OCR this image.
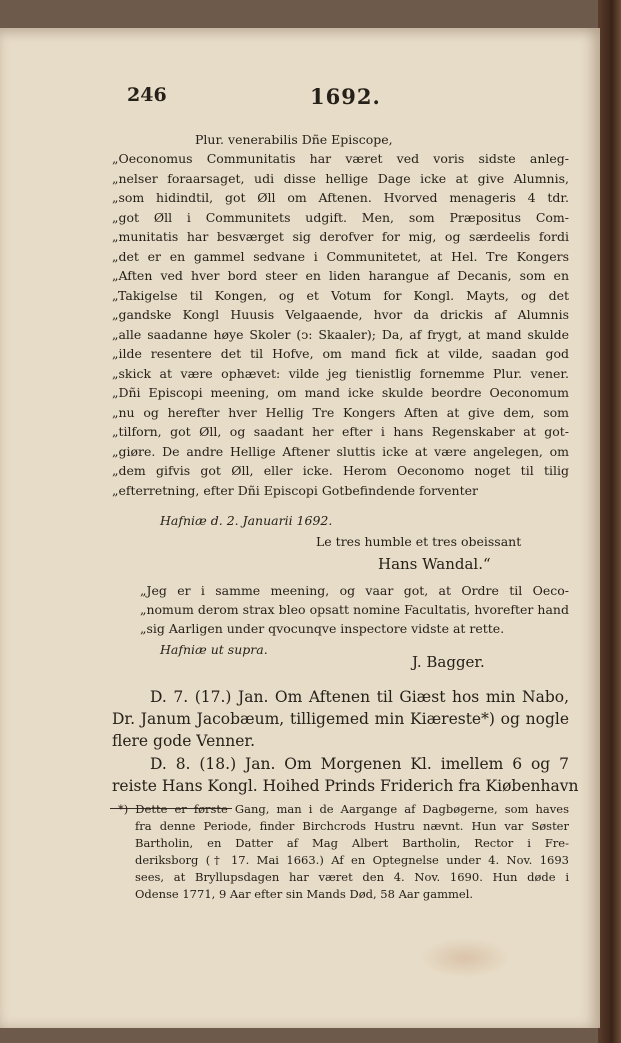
246	1692.
Plur. venerabilis Dñe Episcope,
„Oeconomus Communitatis har været ved voris sidste anleg-
„nelser foraarsaget, udi disse hellige Dage icke at give Alumnis,
„som hidindtil, got Øll om Aftenen. Hvorved menageris 4 tdr.
„got Øll i Communitets udgift. Men, som Præpositus Com-
„munitatis har besværget sig derofver for mig, og særdeelis fordi
„det er en gammel sedvane i Communitetet, at Hel. Tre Kongers
„Aften ved hver bord steer en liden harangue af Decanis, som en
„Takigelse til Kongen, og et Votum for Kongl. Mayts, og det
„gandske Kongl Huusis Velgaaende, hvor da drickis af Alumnis
„alle saadanne høye Skoler (ↄ: Skaaler); Da, af frygt, at mand skulde
„ilde resentere det til Hofve, om mand fick at vilde, saadan god
„skick at være ophævet: vilde jeg tienistlig fornemme Plur. vener.
„Dñi Episcopi meening, om mand icke skulde beordre Oeconomum
„nu og herefter hver Hellig Tre Kongers Aften at give dem, som
„tilforn, got Øll, og saadant her efter i hans Regenskaber at got-
„giøre. De andre Hellige Aftener sluttis icke at være angelegen, om
„dem gifvis got Øll, eller icke. Herom Oeconomo noget til tilig
„efterretning, efter Dñi Episcopi Gotbefindende forventer
Hafniæ d. 2. Januarii 1692.
Le tres humble et tres obeissant
Hans Wandal.“
„Jeg er i samme meening, og vaar got, at Ordre til Oeco-
„nomum derom strax bleo opsatt nomine Facultatis, hvorefter hand
„sig Aarligen under qvocunqve inspectore vidste at rette.
Hafniæ ut supra.
J. Bagger.
D. 7. (17.) Jan. Om Aftenen til Giæst hos min Nabo,
Dr. Janum Jacobæum, tilligemed min Kiæreste*) og nogle
flere gode Venner.
D. 8. (18.) Jan. Om Morgenen Kl. imellem 6 og 7
reiste Hans Kongl. Hoihed Prinds Friderich fra Kiøbenhavn
*) Dette er første Gang, man i de Aargange af Dagbøgerne, som haves
fra denne Periode, finder Birchcrods Hustru nævnt. Hun var Søster
Bartholin, en Datter af Mag Albert Bartholin, Rector i Fre-
deriksborg († 17. Mai 1663.) Af en Optegnelse under 4. Nov. 1693
sees, at Bryllupsdagen har været den 4. Nov. 1690. Hun døde i
Odense 1771, 9 Aar efter sin Mands Død, 58 Aar gammel.
